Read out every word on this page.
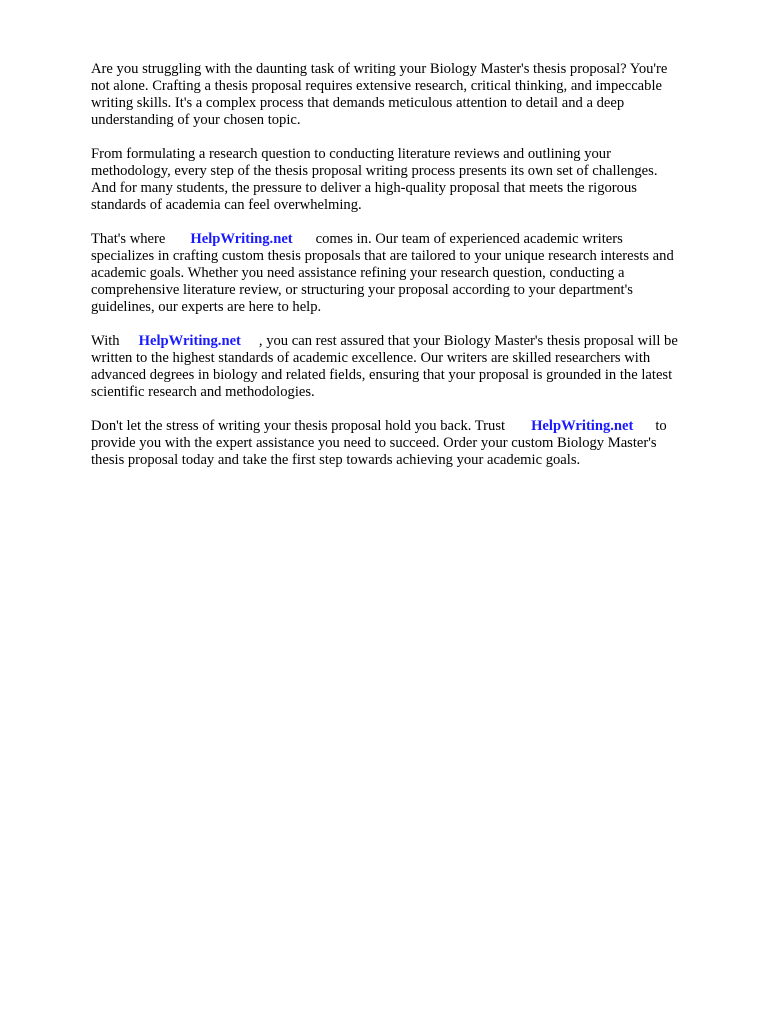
Are you struggling with the daunting task of writing your Biology Master's thesis proposal? You're
not alone. Crafting a thesis proposal requires extensive research, critical thinking, and impeccable
writing skills. It's a complex process that demands meticulous attention to detail and a deep
understanding of your chosen topic.

From formulating a research question to conducting literature reviews and outlining your
methodology, every step of the thesis proposal writing process presents its own set of challenges.
And for many students, the pressure to deliver a high-quality proposal that meets the rigorous
standards of academia can feel overwhelming.

That's where HelpWriting.net comes in. Our team of experienced academic writers
specializes in crafting custom thesis proposals that are tailored to your unique research interests and
academic goals. Whether you need assistance refining your research question, conducting a
comprehensive literature review, or structuring your proposal according to your department's
guidelines, our experts are here to help.

With HelpWriting.net , you can rest assured that your Biology Master's thesis proposal will be
written to the highest standards of academic excellence. Our writers are skilled researchers with
advanced degrees in biology and related fields, ensuring that your proposal is grounded in the latest
scientific research and methodologies.

Don't let the stress of writing your thesis proposal hold you back. Trust HelpWriting.net to
provide you with the expert assistance you need to succeed. Order your custom Biology Master's
thesis proposal today and take the first step towards achieving your academic goals.
